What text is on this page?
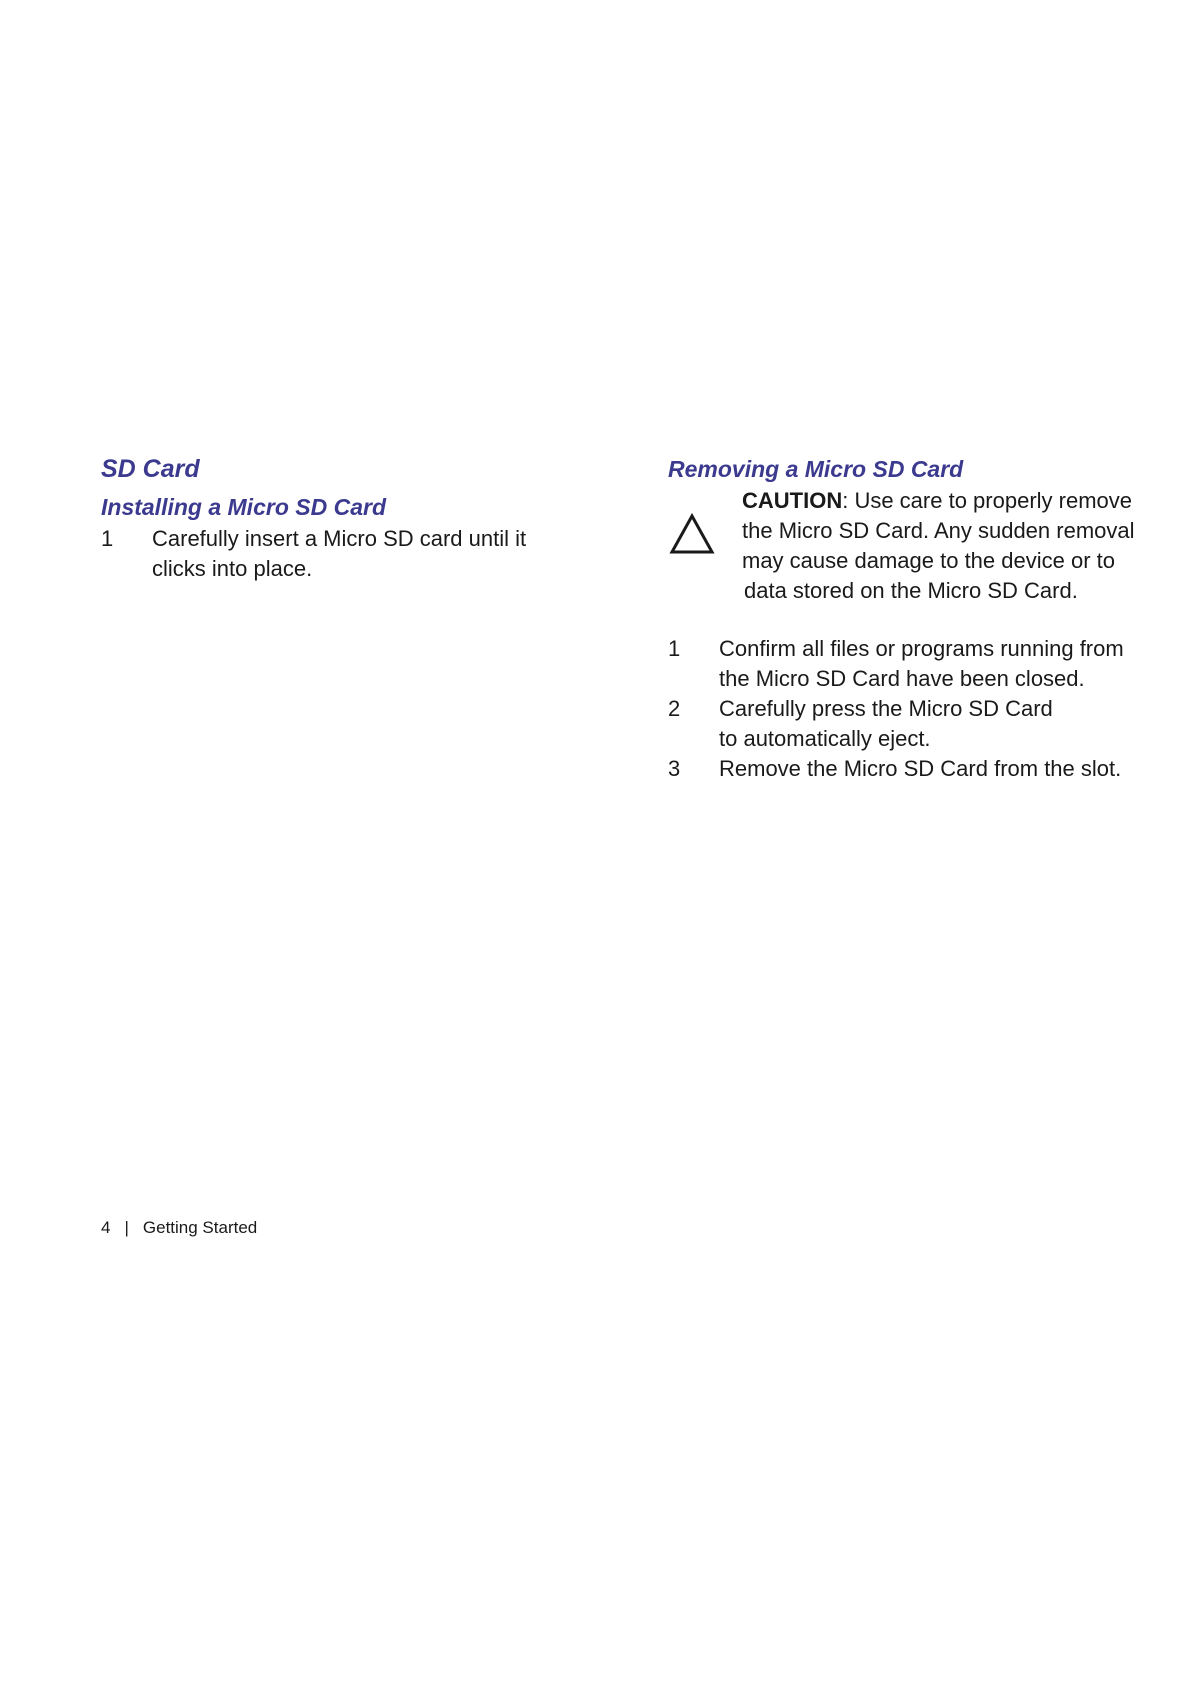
SD Card
Installing a Micro SD Card
1 Carefully insert a Micro SD card until it
clicks into place.
Removing a Micro SD Card
CAUTION: Use care to properly remove
the Micro SD Card. Any sudden removal
may cause damage to the device or to
data stored on the Micro SD Card.
1 Confirm all files or programs running from
the Micro SD Card have been closed.
2 Carefully press the Micro SD Card
to automatically eject.
3 Remove the Micro SD Card from the slot.
4 | Getting Started
